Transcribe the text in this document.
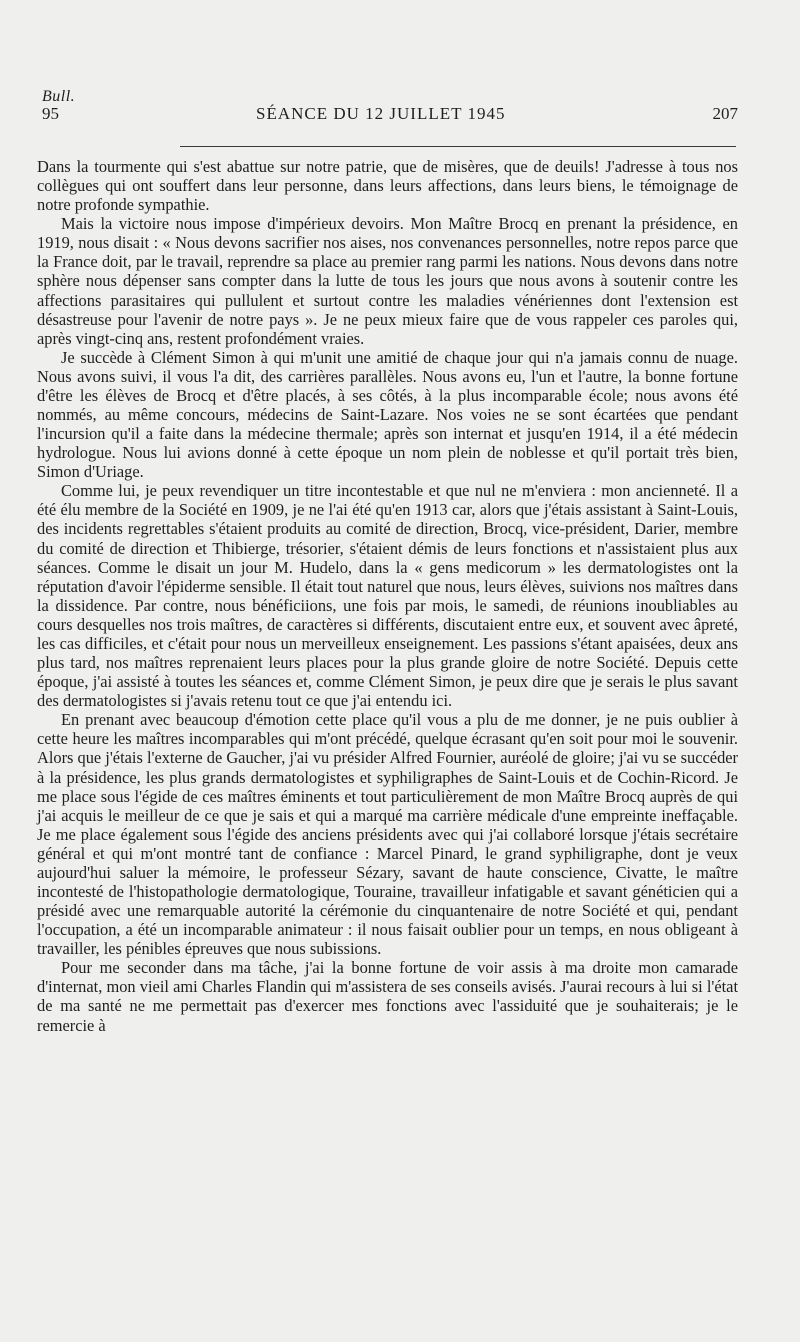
Bull.
95	SÉANCE DU 12 JUILLET 1945	207

Dans la tourmente qui s'est abattue sur notre patrie, que de misères, que de deuils! J'adresse à tous nos collègues qui ont souffert dans leur personne, dans leurs affections, dans leurs biens, le témoignage de notre profonde sympathie.

Mais la victoire nous impose d'impérieux devoirs. Mon Maître Brocq en prenant la présidence, en 1919, nous disait : « Nous devons sacrifier nos aises, nos convenances personnelles, notre repos parce que la France doit, par le travail, reprendre sa place au premier rang parmi les nations. Nous devons dans notre sphère nous dépenser sans compter dans la lutte de tous les jours que nous avons à soutenir contre les affections parasitaires qui pullulent et surtout contre les maladies vénériennes dont l'extension est désastreuse pour l'avenir de notre pays ». Je ne peux mieux faire que de vous rappeler ces paroles qui, après vingt-cinq ans, restent profondément vraies.

Je succède à Clément Simon à qui m'unit une amitié de chaque jour qui n'a jamais connu de nuage. Nous avons suivi, il vous l'a dit, des carrières parallèles. Nous avons eu, l'un et l'autre, la bonne fortune d'être les élèves de Brocq et d'être placés, à ses côtés, à la plus incomparable école; nous avons été nommés, au même concours, médecins de Saint-Lazare. Nos voies ne se sont écartées que pendant l'incursion qu'il a faite dans la médecine thermale; après son internat et jusqu'en 1914, il a été médecin hydrologue. Nous lui avions donné à cette époque un nom plein de noblesse et qu'il portait très bien, Simon d'Uriage.

Comme lui, je peux revendiquer un titre incontestable et que nul ne m'enviera : mon ancienneté. Il a été élu membre de la Société en 1909, je ne l'ai été qu'en 1913 car, alors que j'étais assistant à Saint-Louis, des incidents regrettables s'étaient produits au comité de direction, Brocq, vice-président, Darier, membre du comité de direction et Thibierge, trésorier, s'étaient démis de leurs fonctions et n'assistaient plus aux séances. Comme le disait un jour M. Hudelo, dans la « gens medicorum » les dermatologistes ont la réputation d'avoir l'épiderme sensible. Il était tout naturel que nous, leurs élèves, suivions nos maîtres dans la dissidence. Par contre, nous bénéficiions, une fois par mois, le samedi, de réunions inoubliables au cours desquelles nos trois maîtres, de caractères si différents, discutaient entre eux, et souvent avec âpreté, les cas difficiles, et c'était pour nous un merveilleux enseignement. Les passions s'étant apaisées, deux ans plus tard, nos maîtres reprenaient leurs places pour la plus grande gloire de notre Société. Depuis cette époque, j'ai assisté à toutes les séances et, comme Clément Simon, je peux dire que je serais le plus savant des dermatologistes si j'avais retenu tout ce que j'ai entendu ici.

En prenant avec beaucoup d'émotion cette place qu'il vous a plu de me donner, je ne puis oublier à cette heure les maîtres incomparables qui m'ont précédé, quelque écrasant qu'en soit pour moi le souvenir. Alors que j'étais l'externe de Gaucher, j'ai vu présider Alfred Fournier, auréolé de gloire; j'ai vu se succéder à la présidence, les plus grands dermatologistes et syphiligraphes de Saint-Louis et de Cochin-Ricord. Je me place sous l'égide de ces maîtres éminents et tout particulièrement de mon Maître Brocq auprès de qui j'ai acquis le meilleur de ce que je sais et qui a marqué ma carrière médicale d'une empreinte ineffaçable. Je me place également sous l'égide des anciens présidents avec qui j'ai collaboré lorsque j'étais secrétaire général et qui m'ont montré tant de confiance : Marcel Pinard, le grand syphiligraphe, dont je veux aujourd'hui saluer la mémoire, le professeur Sézary, savant de haute conscience, Civatte, le maître incontesté de l'histopathologie dermatologique, Touraine, travailleur infatigable et savant généticien qui a présidé avec une remarquable autorité la cérémonie du cinquantenaire de notre Société et qui, pendant l'occupation, a été un incomparable animateur : il nous faisait oublier pour un temps, en nous obligeant à travailler, les pénibles épreuves que nous subissions.

Pour me seconder dans ma tâche, j'ai la bonne fortune de voir assis à ma droite mon camarade d'internat, mon vieil ami Charles Flandin qui m'assistera de ses conseils avisés. J'aurai recours à lui si l'état de ma santé ne me permettait pas d'exercer mes fonctions avec l'assiduité que je souhaiterais; je le remercie à
